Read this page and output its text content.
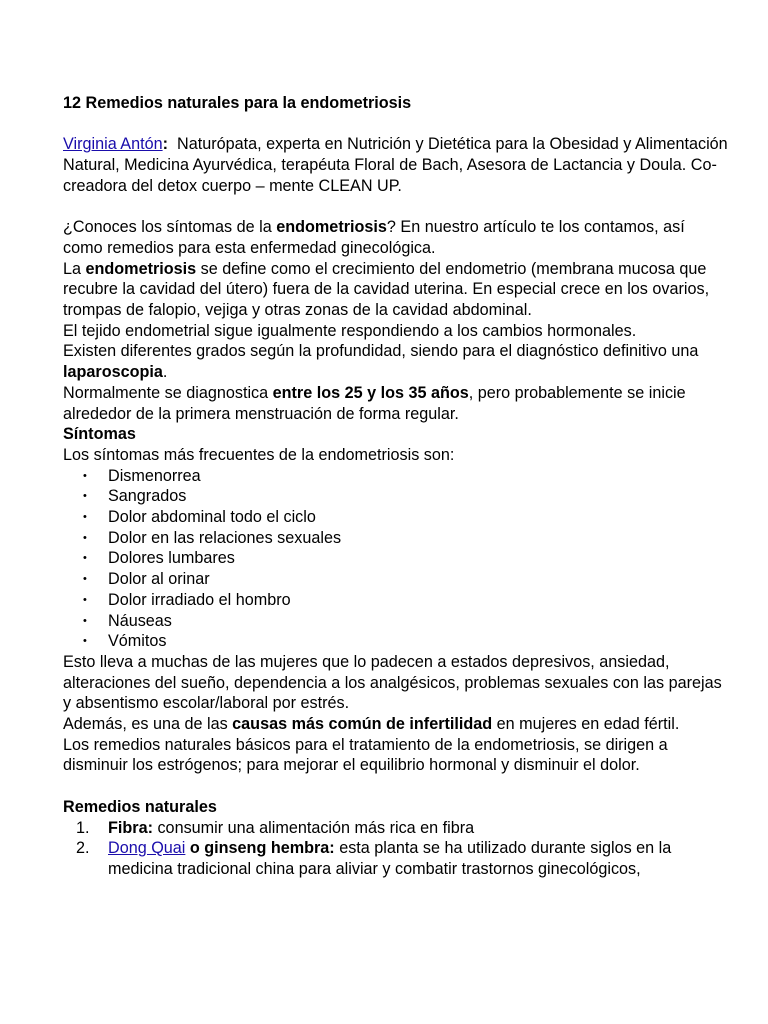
12 Remedios naturales para la endometriosis

Virginia Antón: Naturópata, experta en Nutrición y Dietética para la Obesidad y Alimentación Natural, Medicina Ayurvédica, terapéuta Floral de Bach, Asesora de Lactancia y Doula. Co-creadora del detox cuerpo – mente CLEAN UP.

¿Conoces los síntomas de la endometriosis? En nuestro artículo te los contamos, así como remedios para esta enfermedad ginecológica.

La endometriosis se define como el crecimiento del endometrio (membrana mucosa que recubre la cavidad del útero) fuera de la cavidad uterina. En especial crece en los ovarios, trompas de falopio, vejiga y otras zonas de la cavidad abdominal.

El tejido endometrial sigue igualmente respondiendo a los cambios hormonales.

Existen diferentes grados según la profundidad, siendo para el diagnóstico definitivo una laparoscopia.

Normalmente se diagnostica entre los 25 y los 35 años, pero probablemente se inicie alrededor de la primera menstruación de forma regular.

Síntomas

Los síntomas más frecuentes de la endometriosis son:

• Dismenorrea
• Sangrados
• Dolor abdominal todo el ciclo
• Dolor en las relaciones sexuales
• Dolores lumbares
• Dolor al orinar
• Dolor irradiado el hombro
• Náuseas
• Vómitos

Esto lleva a muchas de las mujeres que lo padecen a estados depresivos, ansiedad, alteraciones del sueño, dependencia a los analgésicos, problemas sexuales con las parejas y absentismo escolar/laboral por estrés.

Además, es una de las causas más común de infertilidad en mujeres en edad fértil.

Los remedios naturales básicos para el tratamiento de la endometriosis, se dirigen a disminuir los estrógenos; para mejorar el equilibrio hormonal y disminuir el dolor.

Remedios naturales

1. Fibra: consumir una alimentación más rica en fibra
2. Dong Quai o ginseng hembra: esta planta se ha utilizado durante siglos en la medicina tradicional china para aliviar y combatir trastornos ginecológicos,
